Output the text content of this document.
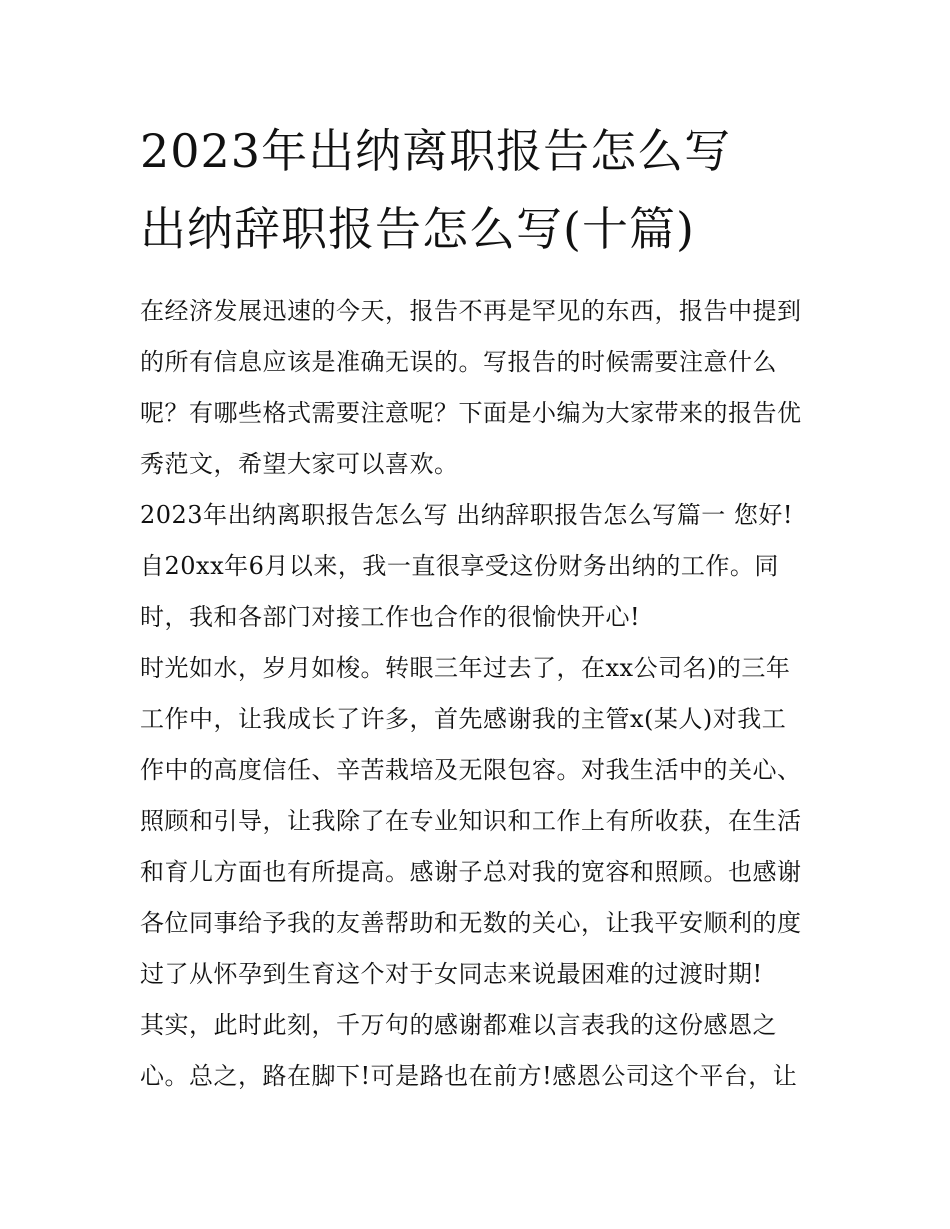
2023年出纳离职报告怎么写
出纳辞职报告怎么写(十篇)
在经济发展迅速的今天，报告不再是罕见的东西，报告中提到
的所有信息应该是准确无误的。写报告的时候需要注意什么
呢？有哪些格式需要注意呢？下面是小编为大家带来的报告优
秀范文，希望大家可以喜欢。
2023年出纳离职报告怎么写 出纳辞职报告怎么写篇一 您好!
自20xx年6月以来，我一直很享受这份财务出纳的工作。同
时，我和各部门对接工作也合作的很愉快开心!
时光如水，岁月如梭。转眼三年过去了，在xx公司名)的三年
工作中，让我成长了许多，首先感谢我的主管x(某人)对我工
作中的高度信任、辛苦栽培及无限包容。对我生活中的关心、
照顾和引导，让我除了在专业知识和工作上有所收获，在生活
和育儿方面也有所提高。感谢子总对我的宽容和照顾。也感谢
各位同事给予我的友善帮助和无数的关心，让我平安顺利的度
过了从怀孕到生育这个对于女同志来说最困难的过渡时期!
其实，此时此刻，千万句的感谢都难以言表我的这份感恩之
心。总之，路在脚下!可是路也在前方!感恩公司这个平台，让
